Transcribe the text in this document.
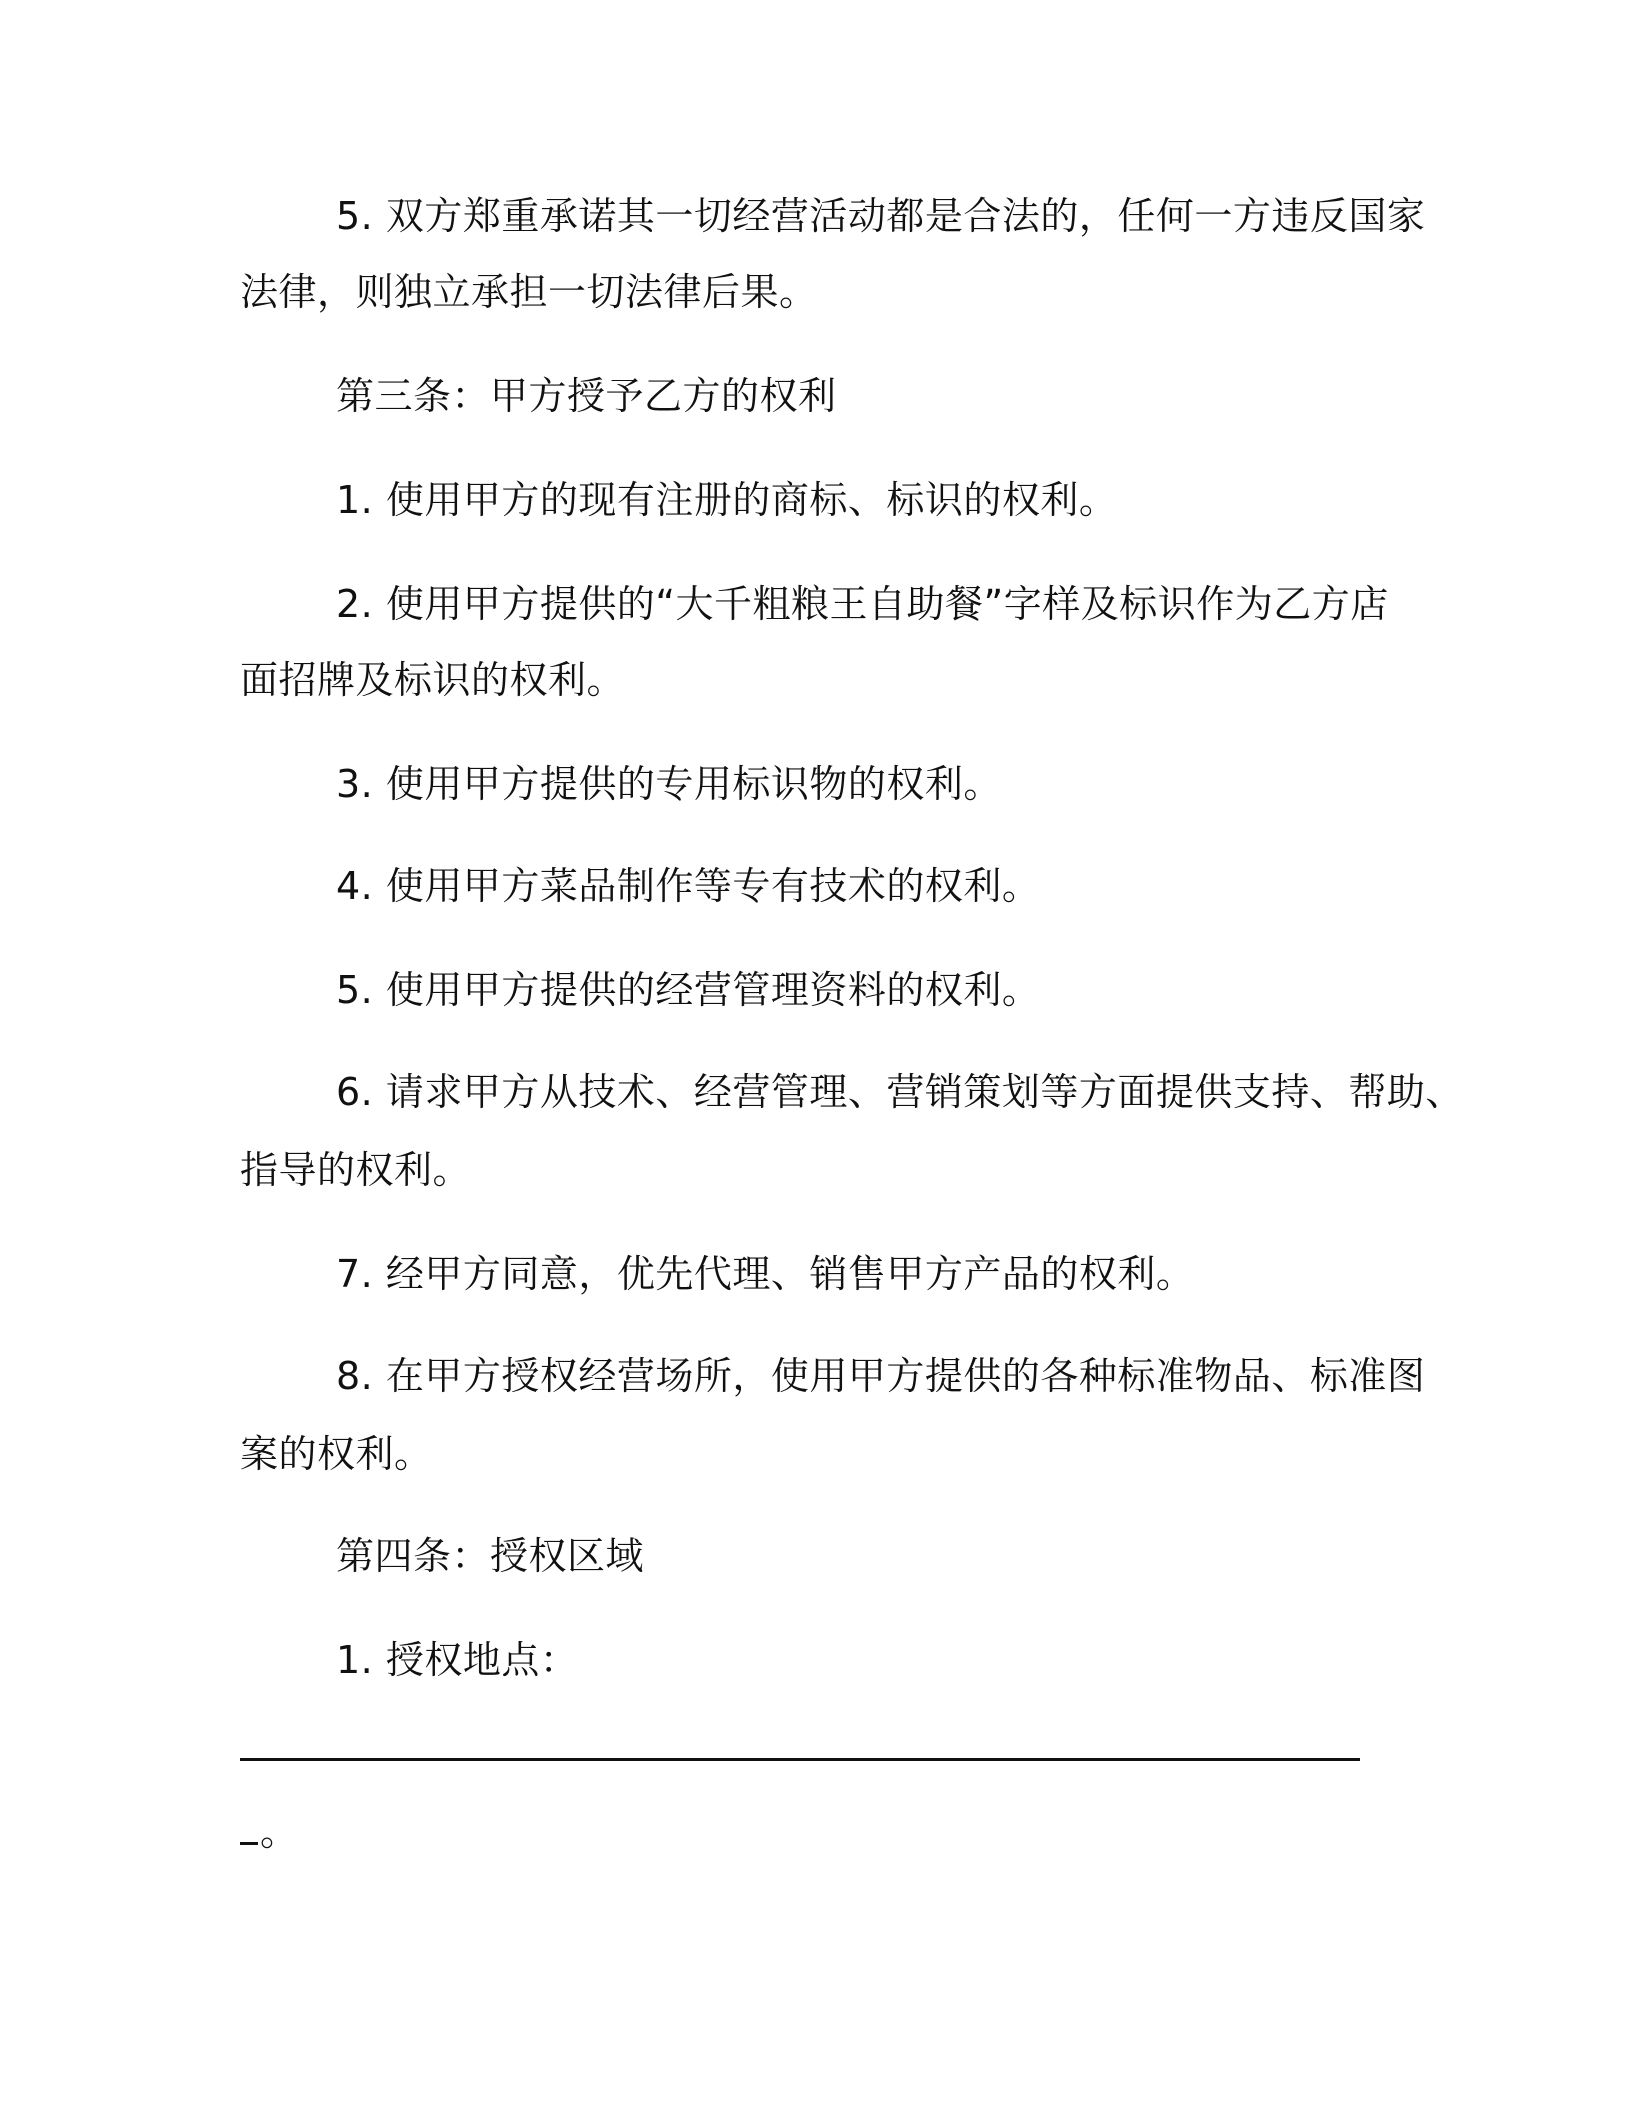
5. 双方郑重承诺其一切经营活动都是合法的，任何一方违反国家
法律，则独立承担一切法律后果。
第三条：甲方授予乙方的权利
1. 使用甲方的现有注册的商标、标识的权利。
2. 使用甲方提供的“大千粗粮王自助餐”字样及标识作为乙方店
面招牌及标识的权利。
3. 使用甲方提供的专用标识物的权利。
4. 使用甲方菜品制作等专有技术的权利。
5. 使用甲方提供的经营管理资料的权利。
6. 请求甲方从技术、经营管理、营销策划等方面提供支持、帮助、
指导的权利。
7. 经甲方同意，优先代理、销售甲方产品的权利。
8. 在甲方授权经营场所，使用甲方提供的各种标准物品、标准图
案的权利。
第四条：授权区域
1. 授权地点：
。
